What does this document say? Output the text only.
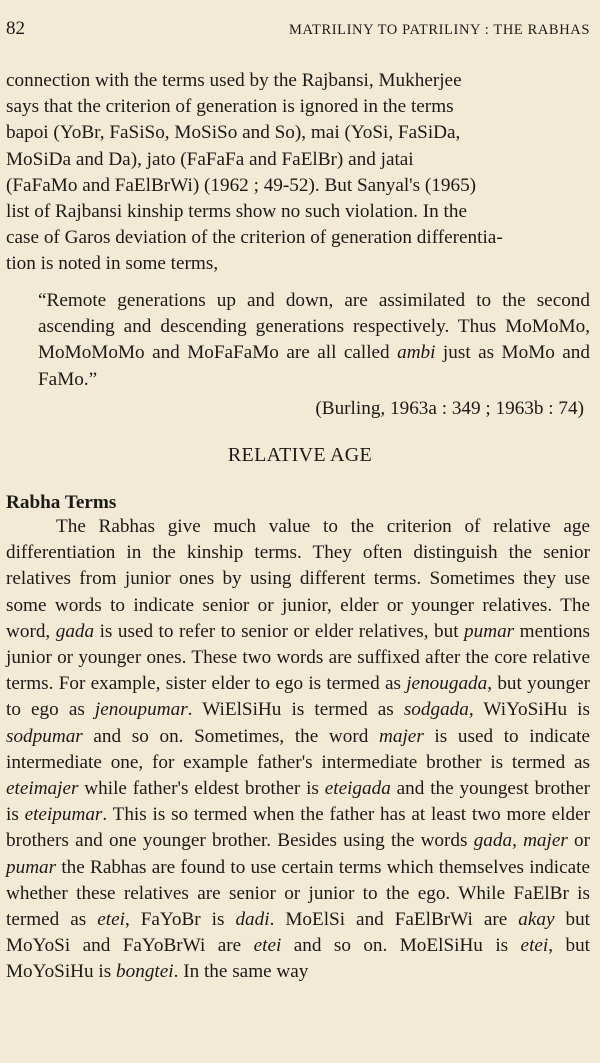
82	MATRILINY TO PATRILINY : THE RABHAS

connection with the terms used by the Rajbansi, Mukherjee
says that the criterion of generation is ignored in the terms
bapoi (YoBr, FaSiSo, MoSiSo and So), mai (YoSi, FaSiDa,
MoSiDa and Da), jato (FaFaFa and FaElBr) and jatai
(FaFaMo and FaElBrWi) (1962 ; 49-52). But Sanyal's (1965)
list of Rajbansi kinship terms show no such violation. In the
case of Garos deviation of the criterion of generation differentia-
tion is noted in some terms,

“Remote generations up and down, are assimilated to the second ascending and descending generations respectively. Thus MoMoMo, MoMoMoMo and MoFaFaMo are all called ambi just as MoMo and FaMo.”

(Burling, 1963a : 349 ; 1963b : 74)

RELATIVE AGE
Rabha Terms

The Rabhas give much value to the criterion of relative age differentiation in the kinship terms. They often distinguish the senior relatives from junior ones by using different terms. Sometimes they use some words to indicate senior or junior, elder or younger relatives. The word, gada is used to refer to senior or elder relatives, but pumar mentions junior or younger ones. These two words are suffixed after the core relative terms. For example, sister elder to ego is termed as jenougada, but younger to ego as jenoupumar. WiElSiHu is termed as sodgada, WiYoSiHu is sodpumar and so on. Sometimes, the word majer is used to indicate intermediate one, for example father's intermediate brother is termed as eteimajer while father's eldest brother is eteigada and the youngest brother is eteipumar. This is so termed when the father has at least two more elder brothers and one younger brother. Besides using the words gada, majer or pumar the Rabhas are found to use certain terms which themselves indicate whether these relatives are senior or junior to the ego. While FaElBr is termed as etei, FaYoBr is dadi. MoElSi and FaElBrWi are akay but MoYoSi and FaYoBrWi are etei and so on. MoElSiHu is etei, but MoYoSiHu is bongtei. In the same way
